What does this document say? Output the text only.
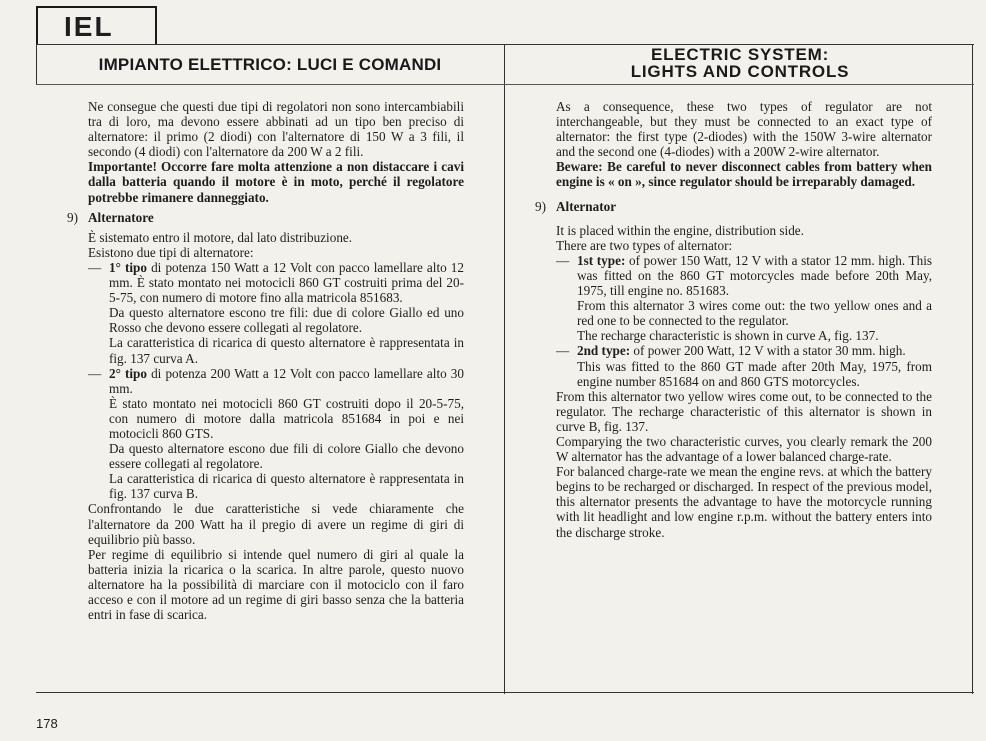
IEL
IMPIANTO ELETTRICO: LUCI E COMANDI
ELECTRIC SYSTEM:
LIGHTS AND CONTROLS

Ne consegue che questi due tipi di regolatori non sono intercambiabili tra di loro, ma devono essere abbinati ad un tipo ben preciso di alternatore: il primo (2 diodi) con l'alternatore di 150 W a 3 fili, il secondo (4 diodi) con l'alternatore da 200 W a 2 fili.

Importante! Occorre fare molta attenzione a non distaccare i cavi dalla batteria quando il motore è in moto, perché il regolatore potrebbe rimanere danneggiato.

9) Alternatore

È sistemato entro il motore, dal lato distribuzione.

Esistono due tipi di alternatore:

— 1° tipo di potenza 150 Watt a 12 Volt con pacco lamellare alto 12 mm. È stato montato nei motocicli 860 GT costruiti prima del 20-5-75, con numero di motore fino alla matricola 851683.

Da questo alternatore escono tre fili: due di colore Giallo ed uno Rosso che devono essere collegati al regolatore.

La caratteristica di ricarica di questo alternatore è rappresentata in fig. 137 curva A.

— 2° tipo di potenza 200 Watt a 12 Volt con pacco lamellare alto 30 mm.

È stato montato nei motocicli 860 GT costruiti dopo il 20-5-75, con numero di motore dalla matricola 851684 in poi e nei motocicli 860 GTS.

Da questo alternatore escono due fili di colore Giallo che devono essere collegati al regolatore.

La caratteristica di ricarica di questo alternatore è rappresentata in fig. 137 curva B.

Confrontando le due caratteristiche si vede chiaramente che l'alternatore da 200 Watt ha il pregio di avere un regime di giri di equilibrio più basso.

Per regime di equilibrio si intende quel numero di giri al quale la batteria inizia la ricarica o la scarica. In altre parole, questo nuovo alternatore ha la possibilità di marciare con il motociclo con il faro acceso e con il motore ad un regime di giri basso senza che la batteria entri in fase di scarica.

As a consequence, these two types of regulator are not interchangeable, but they must be connected to an exact type of alternator: the first type (2-diodes) with the 150W 3-wire alternator and the second one (4-diodes) with a 200W 2-wire alternator.

Beware: Be careful to never disconnect cables from battery when engine is « on », since regulator should be irreparably damaged.

9) Alternator

It is placed within the engine, distribution side.

There are two types of alternator:

— 1st type: of power 150 Watt, 12 V with a stator 12 mm. high. This was fitted on the 860 GT motorcycles made before 20th May, 1975, till engine no. 851683.

From this alternator 3 wires come out: the two yellow ones and a red one to be connected to the regulator.

The recharge characteristic is shown in curve A, fig. 137.

— 2nd type: of power 200 Watt, 12 V with a stator 30 mm. high.

This was fitted to the 860 GT made after 20th May, 1975, from engine number 851684 on and 860 GTS motorcycles.

From this alternator two yellow wires come out, to be connected to the regulator. The recharge characteristic of this alternator is shown in curve B, fig. 137.

Comparying the two characteristic curves, you clearly remark the 200 W alternator has the advantage of a lower balanced charge-rate.

For balanced charge-rate we mean the engine revs. at which the battery begins to be recharged or discharged. In respect of the previous model, this alternator presents the advantage to have the motorcycle running with lit headlight and low engine r.p.m. without the battery enters into the discharge stroke.

178
